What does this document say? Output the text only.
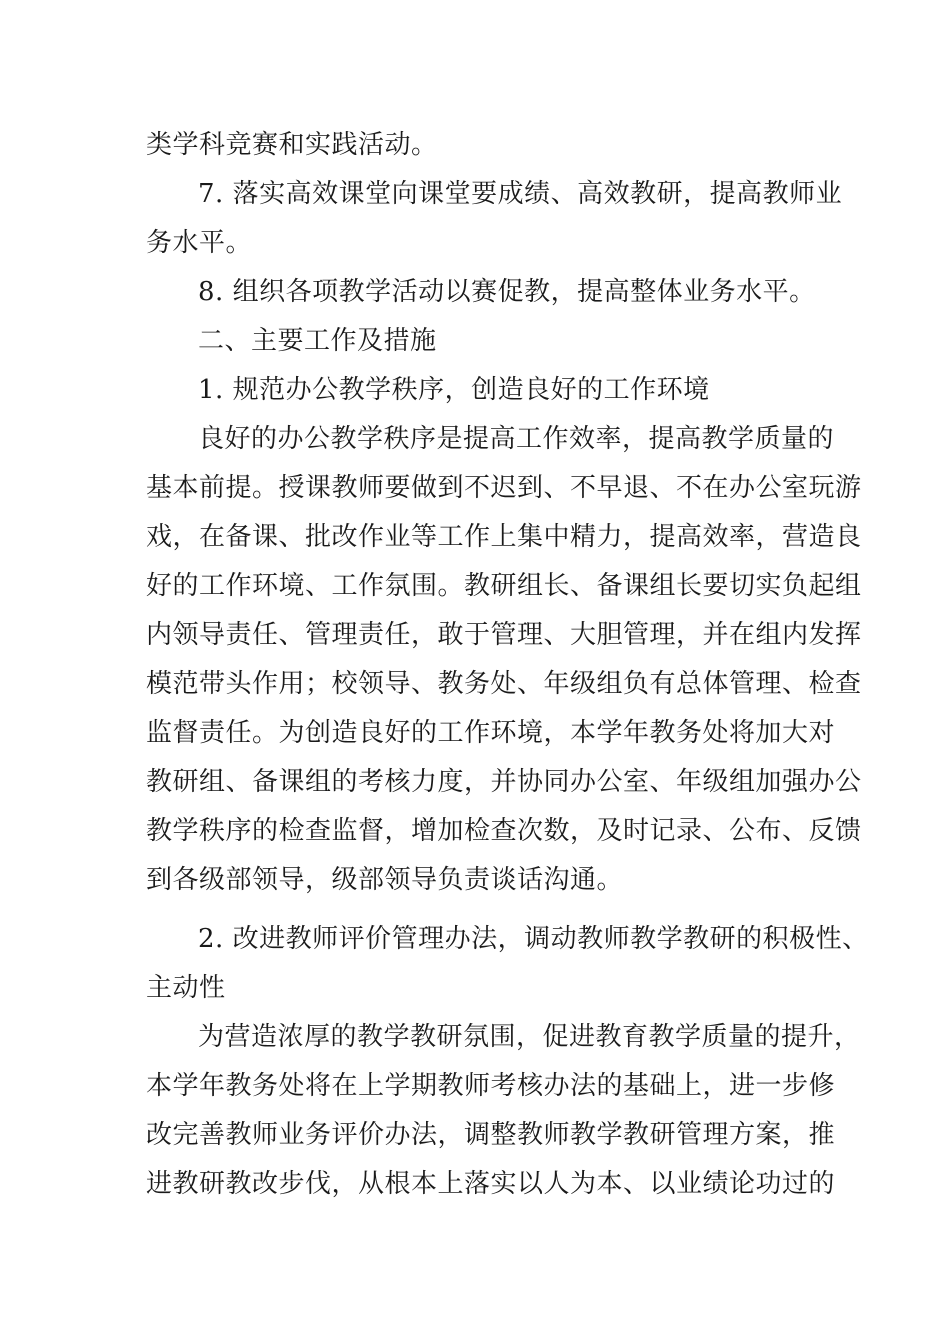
类学科竞赛和实践活动。
7. 落实高效课堂向课堂要成绩、高效教研，提高教师业
务水平。
8. 组织各项教学活动以赛促教，提高整体业务水平。
二、主要工作及措施
1. 规范办公教学秩序，创造良好的工作环境
良好的办公教学秩序是提高工作效率，提高教学质量的
基本前提。授课教师要做到不迟到、不早退、不在办公室玩游
戏，在备课、批改作业等工作上集中精力，提高效率，营造良
好的工作环境、工作氛围。教研组长、备课组长要切实负起组
内领导责任、管理责任，敢于管理、大胆管理，并在组内发挥
模范带头作用；校领导、教务处、年级组负有总体管理、检查
监督责任。为创造良好的工作环境，本学年教务处将加大对
教研组、备课组的考核力度，并协同办公室、年级组加强办公
教学秩序的检查监督，增加检查次数，及时记录、公布、反馈
到各级部领导，级部领导负责谈话沟通。
2. 改进教师评价管理办法，调动教师教学教研的积极性、
主动性
为营造浓厚的教学教研氛围，促进教育教学质量的提升，
本学年教务处将在上学期教师考核办法的基础上，进一步修
改完善教师业务评价办法，调整教师教学教研管理方案，推
进教研教改步伐，从根本上落实以人为本、以业绩论功过的
